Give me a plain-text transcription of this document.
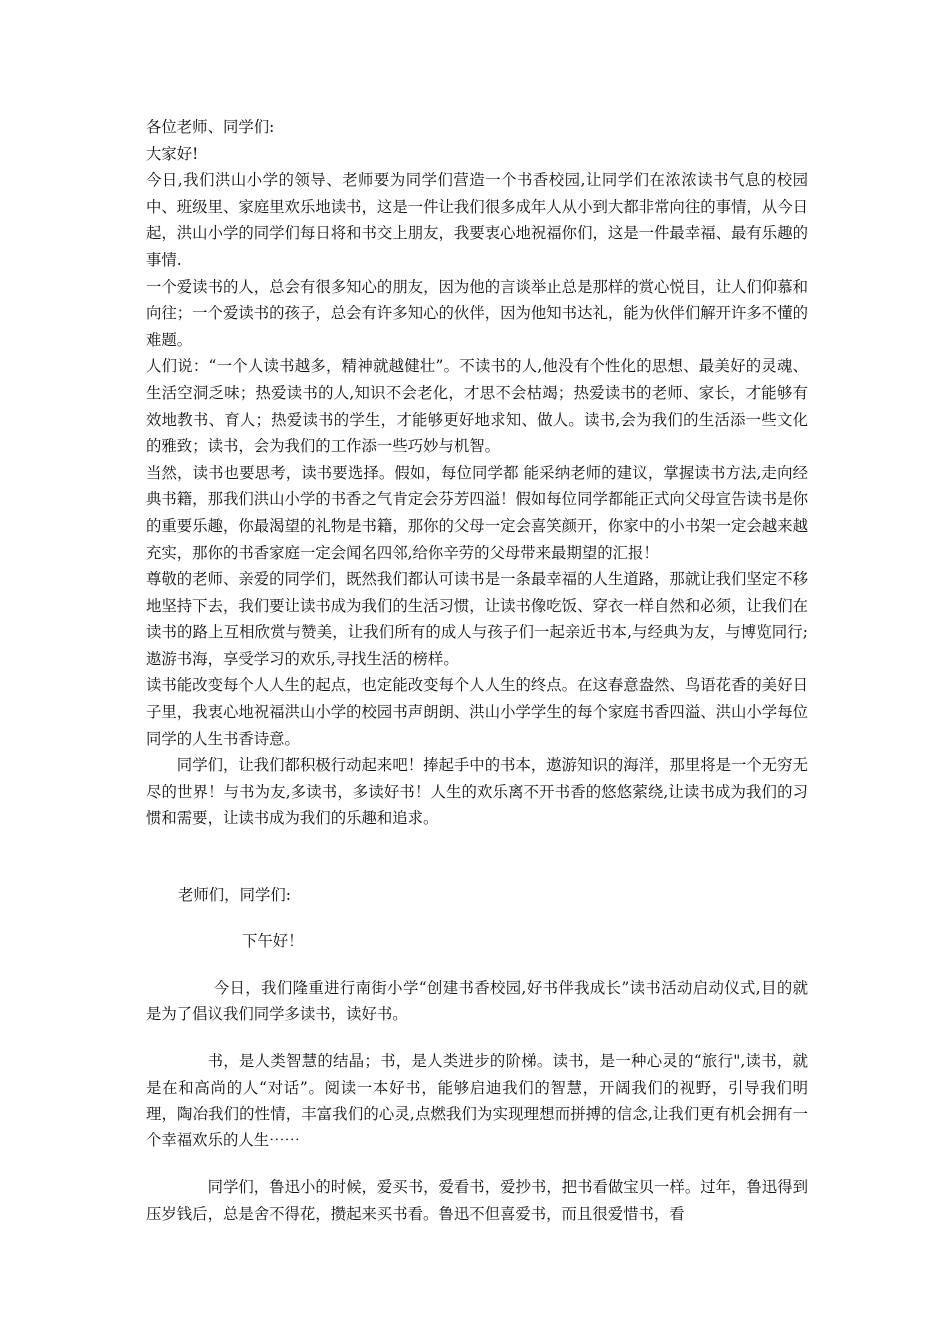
各位老师、同学们:

大家好!

今日,我们洪山小学的领导、老师要为同学们营造一个书香校园,让同学们在浓浓读书气息的校园中、班级里、家庭里欢乐地读书，这是一件让我们很多成年人从小到大都非常向往的事情，从今日起，洪山小学的同学们每日将和书交上朋友，我要衷心地祝福你们，这是一件最幸福、最有乐趣的事情.

一个爱读书的人，总会有很多知心的朋友，因为他的言谈举止总是那样的赏心悦目，让人们仰慕和向往；一个爱读书的孩子，总会有许多知心的伙伴，因为他知书达礼，能为伙伴们解开许多不懂的难题。

人们说：“一个人读书越多，精神就越健壮”。不读书的人,他没有个性化的思想、最美好的灵魂、生活空洞乏味；热爱读书的人,知识不会老化，才思不会枯竭；热爱读书的老师、家长，才能够有效地教书、育人；热爱读书的学生，才能够更好地求知、做人。读书,会为我们的生活添一些文化的雅致；读书，会为我们的工作添一些巧妙与机智。

当然，读书也要思考，读书要选择。假如，每位同学都 能采纳老师的建议，掌握读书方法,走向经典书籍，那我们洪山小学的书香之气肯定会芬芳四溢！假如每位同学都能正式向父母宣告读书是你的重要乐趣，你最渴望的礼物是书籍，那你的父母一定会喜笑颜开，你家中的小书架一定会越来越充实，那你的书香家庭一定会闻名四邻,给你辛劳的父母带来最期望的汇报！

尊敬的老师、亲爱的同学们，既然我们都认可读书是一条最幸福的人生道路，那就让我们坚定不移地坚持下去，我们要让读书成为我们的生活习惯，让读书像吃饭、穿衣一样自然和必须，让我们在读书的路上互相欣赏与赞美，让我们所有的成人与孩子们一起亲近书本,与经典为友，与博览同行;遨游书海，享受学习的欢乐,寻找生活的榜样。

读书能改变每个人人生的起点，也定能改变每个人人生的终点。在这春意盎然、鸟语花香的美好日子里，我衷心地祝福洪山小学的校园书声朗朗、洪山小学学生的每个家庭书香四溢、洪山小学每位同学的人生书香诗意。

同学们，让我们都积极行动起来吧！捧起手中的书本，遨游知识的海洋，那里将是一个无穷无尽的世界！与书为友,多读书，多读好书！人生的欢乐离不开书香的悠悠萦绕,让读书成为我们的习惯和需要，让读书成为我们的乐趣和追求。

老师们，同学们:

下午好！

今日，我们隆重进行南街小学“创建书香校园,好书伴我成长”读书活动启动仪式,目的就是为了倡议我们同学多读书，读好书。

书，是人类智慧的结晶；书，是人类进步的阶梯。读书，是一种心灵的“旅行",读书，就是在和高尚的人“对话”。阅读一本好书，能够启迪我们的智慧，开阔我们的视野，引导我们明理，陶冶我们的性情，丰富我们的心灵,点燃我们为实现理想而拼搏的信念,让我们更有机会拥有一个幸福欢乐的人生⋯⋯

同学们，鲁迅小的时候，爱买书，爱看书，爱抄书，把书看做宝贝一样。过年，鲁迅得到压岁钱后，总是舍不得花，攒起来买书看。鲁迅不但喜爱书，而且很爱惜书，看
